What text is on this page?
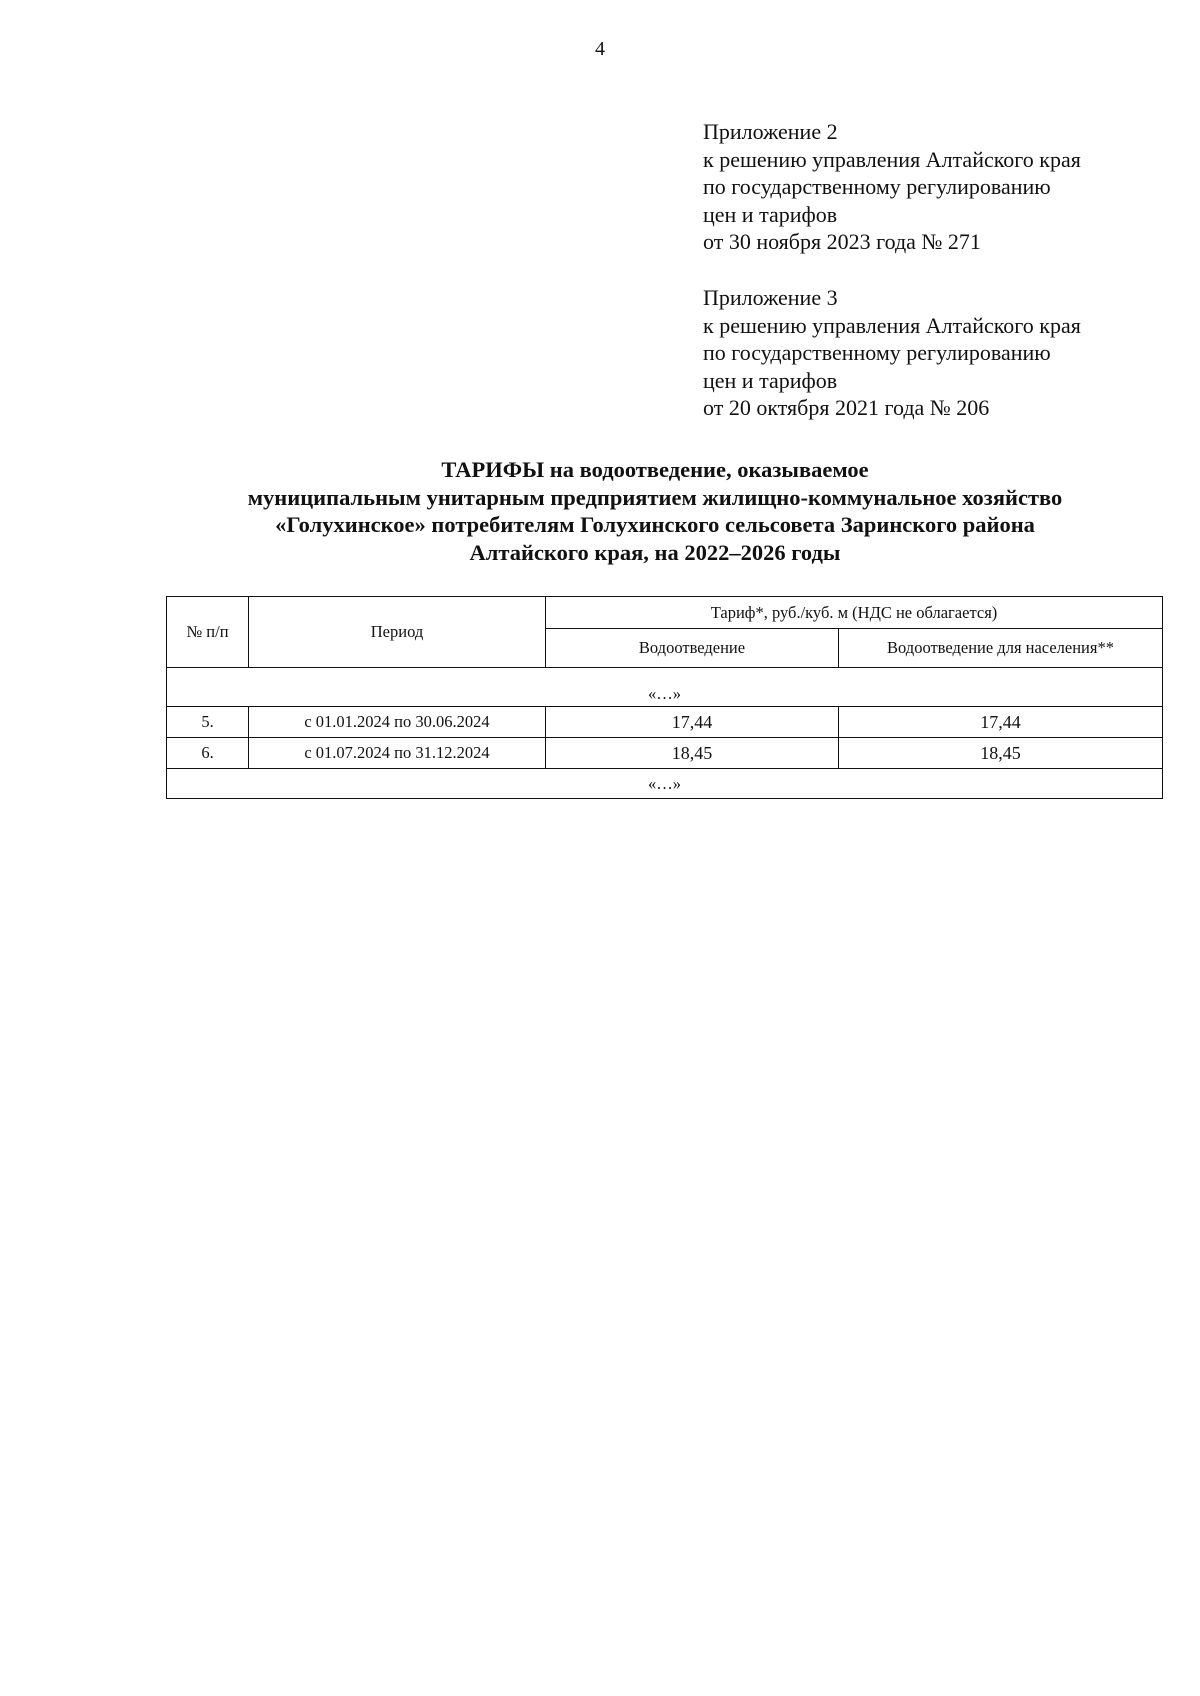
4
Приложение 2
к решению управления Алтайского края
по государственному регулированию
цен и тарифов
от 30 ноября 2023 года № 271
Приложение 3
к решению управления Алтайского края
по государственному регулированию
цен и тарифов
от 20 октября 2021 года № 206
ТАРИФЫ на водоотведение, оказываемое
муниципальным унитарным предприятием жилищно-коммунальное хозяйство
«Голухинское» потребителям Голухинского сельсовета Заринского района
Алтайского края, на 2022–2026 годы
№ п/п	Период	Тариф*, руб./куб. м (НДС не облагается)	
		Водоотведение	Водоотведение для населения**
«…»			
5.	с 01.01.2024 по 30.06.2024	17,44	17,44
6.	с 01.07.2024 по 31.12.2024	18,45	18,45
«…»			
